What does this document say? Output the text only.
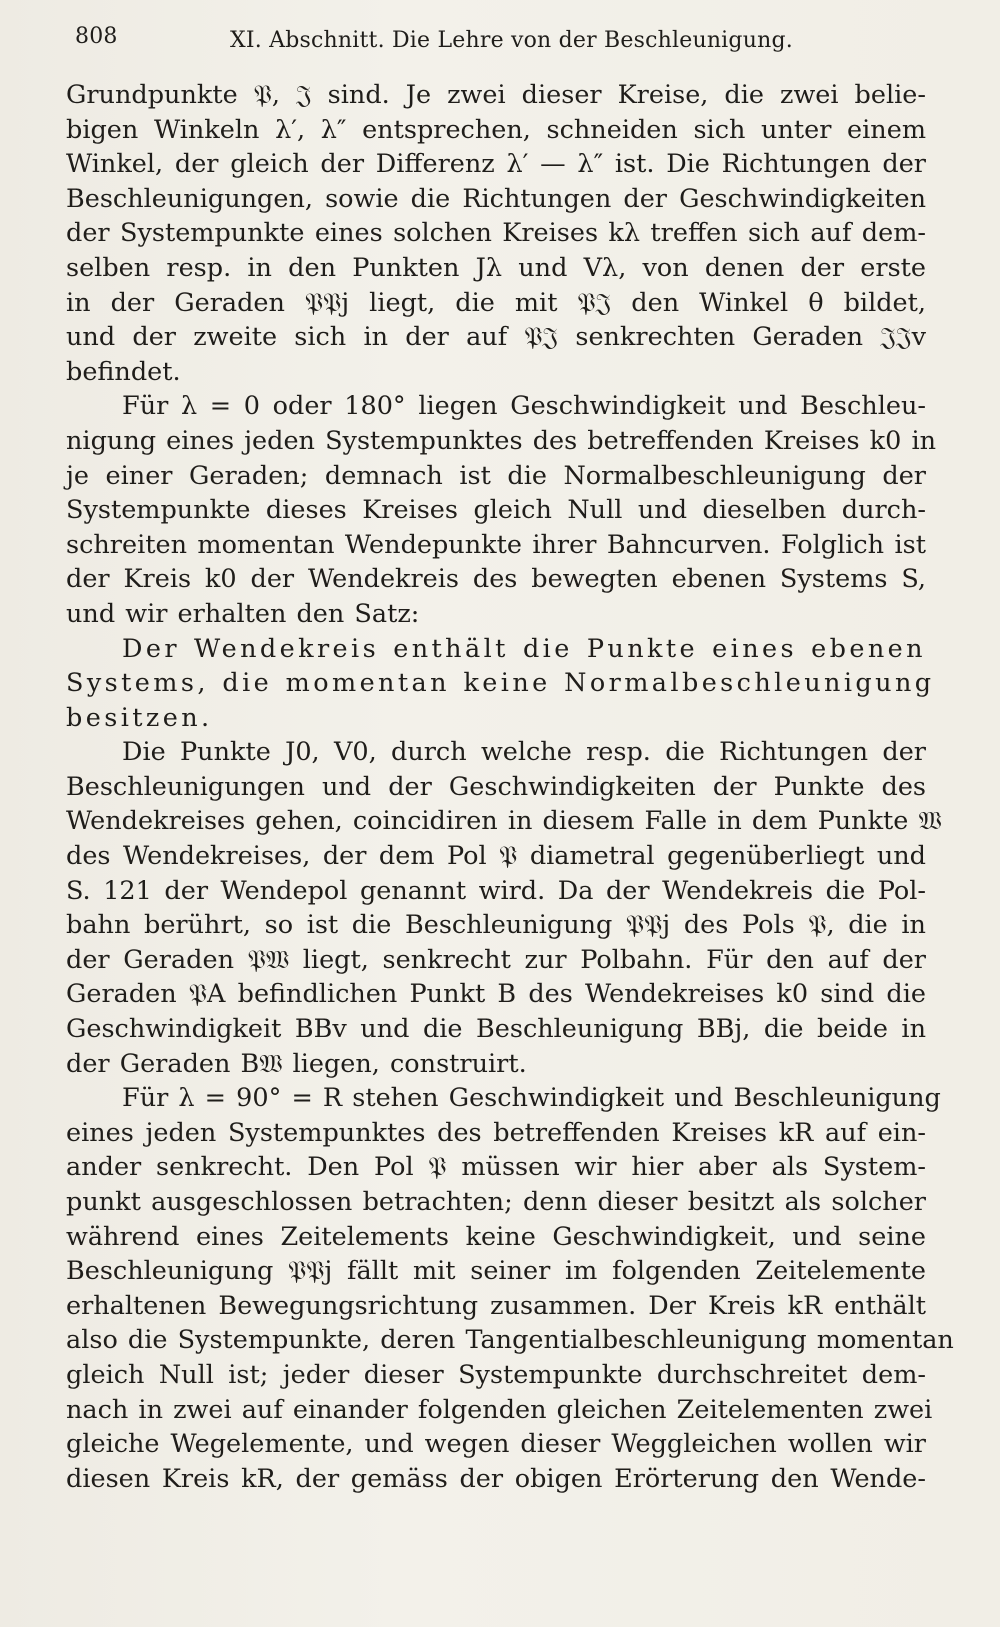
808	XI. Abschnitt. Die Lehre von der Beschleunigung.
Grundpunkte 𝔓, 𝔍 sind. Je zwei dieser Kreise, die zwei belie-
bigen Winkeln λ′, λ″ entsprechen, schneiden sich unter einem
Winkel, der gleich der Differenz λ′ — λ″ ist. Die Richtungen der
Beschleunigungen, sowie die Richtungen der Geschwindigkeiten
der Systempunkte eines solchen Kreises kλ treffen sich auf dem-
selben resp. in den Punkten Jλ und Vλ, von denen der erste
in der Geraden 𝔓𝔓j liegt, die mit 𝔓𝔍 den Winkel θ bildet,
und der zweite sich in der auf 𝔓𝔍 senkrechten Geraden 𝔍𝔍v
befindet.
Für λ = 0 oder 180° liegen Geschwindigkeit und Beschleu-
nigung eines jeden Systempunktes des betreffenden Kreises k0 in
je einer Geraden; demnach ist die Normalbeschleunigung der
Systempunkte dieses Kreises gleich Null und dieselben durch-
schreiten momentan Wendepunkte ihrer Bahncurven. Folglich ist
der Kreis k0 der Wendekreis des bewegten ebenen Systems S,
und wir erhalten den Satz:
Der Wendekreis enthält die Punkte eines ebenen
Systems, die momentan keine Normalbeschleunigung
besitzen.
Die Punkte J0, V0, durch welche resp. die Richtungen der
Beschleunigungen und der Geschwindigkeiten der Punkte des
Wendekreises gehen, coincidiren in diesem Falle in dem Punkte 𝔚
des Wendekreises, der dem Pol 𝔓 diametral gegenüberliegt und
S. 121 der Wendepol genannt wird. Da der Wendekreis die Pol-
bahn berührt, so ist die Beschleunigung 𝔓𝔓j des Pols 𝔓, die in
der Geraden 𝔓𝔚 liegt, senkrecht zur Polbahn. Für den auf der
Geraden 𝔓A befindlichen Punkt B des Wendekreises k0 sind die
Geschwindigkeit BBv und die Beschleunigung BBj, die beide in
der Geraden B𝔚 liegen, construirt.
Für λ = 90° = R stehen Geschwindigkeit und Beschleunigung
eines jeden Systempunktes des betreffenden Kreises kR auf ein-
ander senkrecht. Den Pol 𝔓 müssen wir hier aber als System-
punkt ausgeschlossen betrachten; denn dieser besitzt als solcher
während eines Zeitelements keine Geschwindigkeit, und seine
Beschleunigung 𝔓𝔓j fällt mit seiner im folgenden Zeitelemente
erhaltenen Bewegungsrichtung zusammen. Der Kreis kR enthält
also die Systempunkte, deren Tangentialbeschleunigung momentan
gleich Null ist; jeder dieser Systempunkte durchschreitet dem-
nach in zwei auf einander folgenden gleichen Zeitelementen zwei
gleiche Wegelemente, und wegen dieser Weggleichen wollen wir
diesen Kreis kR, der gemäss der obigen Erörterung den Wende-
